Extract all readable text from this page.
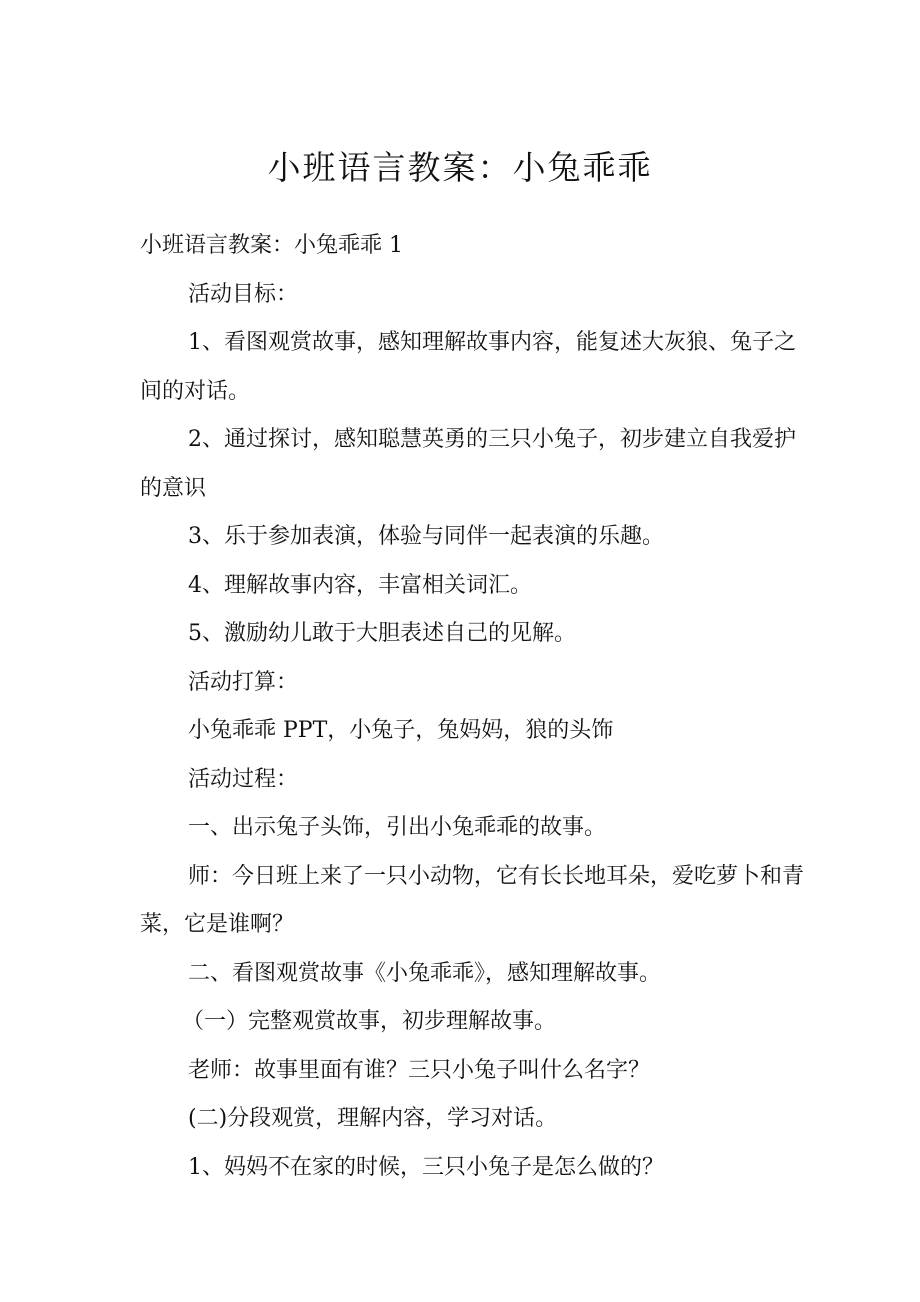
小班语言教案：小兔乖乖

小班语言教案：小兔乖乖 1

活动目标：

1、看图观赏故事，感知理解故事内容，能复述大灰狼、兔子之间的对话。

2、通过探讨，感知聪慧英勇的三只小兔子，初步建立自我爱护的意识

3、乐于参加表演，体验与同伴一起表演的乐趣。

4、理解故事内容，丰富相关词汇。

5、激励幼儿敢于大胆表述自己的见解。

活动打算：

小兔乖乖 PPT，小兔子，兔妈妈，狼的头饰

活动过程：

一、出示兔子头饰，引出小兔乖乖的故事。

师：今日班上来了一只小动物，它有长长地耳朵，爱吃萝卜和青菜，它是谁啊？

二、看图观赏故事《小兔乖乖》，感知理解故事。

（一）完整观赏故事，初步理解故事。

老师：故事里面有谁？三只小兔子叫什么名字？

(二)分段观赏，理解内容，学习对话。

1、妈妈不在家的时候，三只小兔子是怎么做的？
